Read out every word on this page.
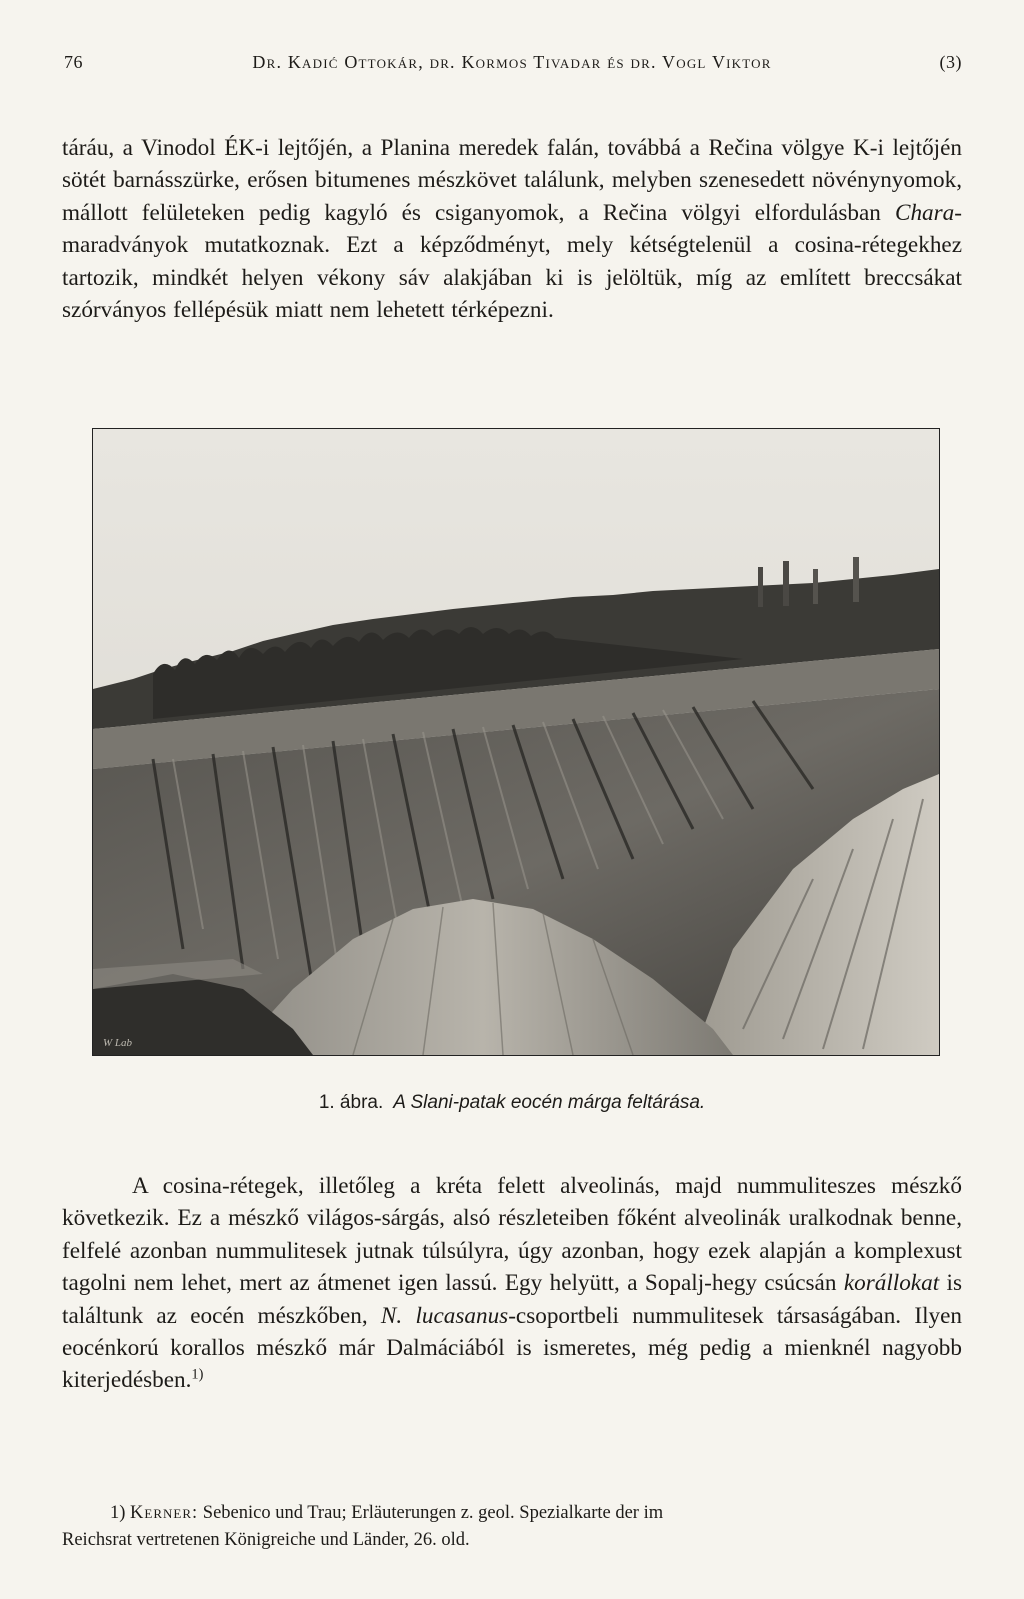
76	Dr. Kadić Ottokár, dr. Kormos Tivadar és dr. Vogl Viktor	(3)

táráu, a Vinodol ÉK-i lejtőjén, a Planina meredek falán, továbbá a Rečina völgye K-i lejtőjén sötét barnásszürke, erősen bitumenes mészkövet találunk, melyben szenesedett növénynyomok, mállott felületeken pedig kagyló és csiganyomok, a Rečina völgyi elfordulásban Chara-maradványok mutatkoznak. Ezt a képződményt, mely kétségtelenül a cosina-rétegekhez tartozik, mindkét helyen vékony sáv alakjában ki is jelöltük, míg az említett breccsákat szórványos fellépésük miatt nem lehetett térképezni.

W Lab
1. ábra. A Slani-patak eocén márga feltárása.

A cosina-rétegek, illetőleg a kréta felett alveolinás, majd nummuliteszes mészkő következik. Ez a mészkő világos-sárgás, alsó részleteiben főként alveolinák uralkodnak benne, felfelé azonban nummulitesek jutnak túlsúlyra, úgy azonban, hogy ezek alapján a komplexust tagolni nem lehet, mert az átmenet igen lassú. Egy helyütt, a Sopalj-hegy csúcsán korállokat is találtunk az eocén mészkőben, N. lucasanus-csoportbeli nummulitesek társaságában. Ilyen eocénkorú korallos mészkő már Dalmáciából is ismeretes, még pedig a mienknél nagyobb kiterjedésben.$^{1)}$

1) Kerner: Sebenico und Trau; Erläuterungen z. geol. Spezialkarte der im
Reichsrat vertretenen Königreiche und Länder, 26. old.
